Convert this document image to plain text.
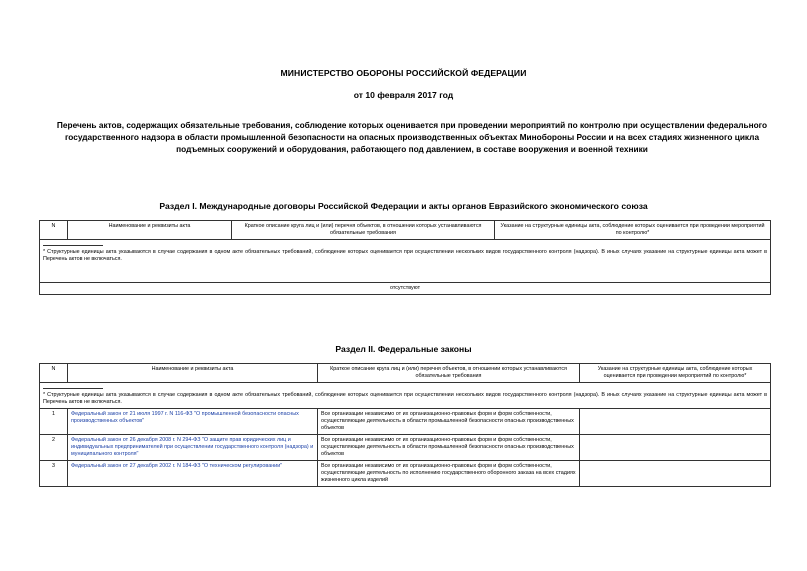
МИНИСТЕРСТВО ОБОРОНЫ РОССИЙСКОЙ ФЕДЕРАЦИИ
от 10 февраля 2017 год
Перечень актов, содержащих обязательные требования, соблюдение которых оценивается при проведении мероприятий по контролю при осуществлении федерального государственного надзора в области промышленной безопасности на опасных производственных объектах Минобороны России и на всех стадиях жизненного цикла подъемных сооружений и оборудования, работающего под давлением, в составе вооружения и военной техники
Раздел I. Международные договоры Российской Федерации и акты органов Евразийского экономического союза
N	Наименование и реквизиты акта	Краткое описание круга лиц и (или) перечня объектов, в отношении которых устанавливаются обязательные требования	Указание на структурные единицы акта, соблюдение которых оценивается при проведении мероприятий по контролю*

* Структурные единицы акта указываются в случае содержания в одном акте обязательных требований, соблюдение которых оценивается при осуществлении нескольких видов государственного контроля (надзора). В иных случаях указание на структурные единицы акта может в Перечень актов не включаться.

отсутствуют
Раздел II. Федеральные законы
N	Наименование и реквизиты акта	Краткое описание круга лиц и (или) перечня объектов, в отношении которых устанавливаются обязательные требования	Указание на структурные единицы акта, соблюдение которых оценивается при проведении мероприятий по контролю*

* Структурные единицы акта указываются в случае содержания в одном акте обязательных требований, соблюдение которых оценивается при осуществлении нескольких видов государственного контроля (надзора). В иных случаях указание на структурные единицы акта может в Перечень актов не включаться.			

1	Федеральный закон от 21 июля 1997 г. N 116-ФЗ "О промышленной безопасности опасных производственных объектов"	Все организации независимо от их организационно-правовых форм и форм собственности, осуществляющие деятельность в области промышленной безопасности опасных производственных объектов	
2	Федеральный закон от 26 декабря 2008 г. N 294-ФЗ "О защите прав юридических лиц и индивидуальных предпринимателей при осуществлении государственного контроля (надзора) и муниципального контроля"	Все организации независимо от их организационно-правовых форм и форм собственности, осуществляющие деятельность в области промышленной безопасности опасных производственных объектов	
3	Федеральный закон от 27 декабря 2002 г. N 184-ФЗ "О техническом регулировании"	Все организации независимо от их организационно-правовых форм и форм собственности, осуществляющие деятельность по исполнению государственного оборонного заказа на всех стадиях жизненного цикла изделий	
